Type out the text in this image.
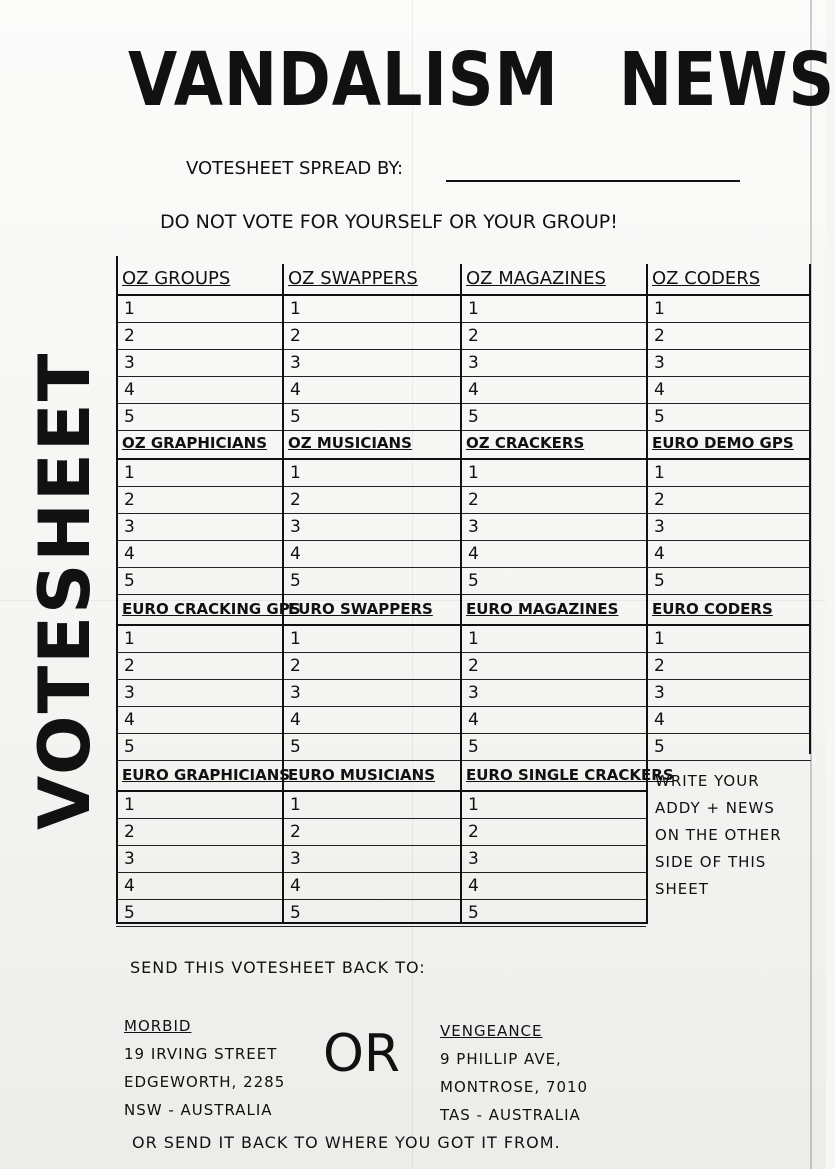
VANDALISM NEWS
VOTESHEET SPREAD BY:
DO NOT VOTE FOR YOURSELF OR YOUR GROUP!
VOTESHEET
OZ GROUPS
1
2
3
4
5
OZ SWAPPERS
1
2
3
4
5
OZ MAGAZINES
1
2
3
4
5
OZ CODERS
1
2
3
4
5
OZ GRAPHICIANS
1
2
3
4
5
OZ MUSICIANS
1
2
3
4
5
OZ CRACKERS
1
2
3
4
5
EURO DEMO GPS
1
2
3
4
5
EURO CRACKING GPS
1
2
3
4
5
EURO SWAPPERS
1
2
3
4
5
EURO MAGAZINES
1
2
3
4
5
EURO CODERS
1
2
3
4
5
EURO GRAPHICIANS
1
2
3
4
5
EURO MUSICIANS
1
2
3
4
5
EURO SINGLE CRACKERS
1
2
3
4
5
WRITE YOUR ADDY + NEWS ON THE OTHER SIDE OF THIS SHEET
SEND THIS VOTESHEET BACK TO:
MORBID
19 IRVING STREET
EDGEWORTH, 2285
NSW - AUSTRALIA
OR	VENGEANCE
9 PHILLIP AVE,
MONTROSE, 7010
TAS - AUSTRALIA
OR SEND IT BACK TO WHERE YOU GOT IT FROM.
